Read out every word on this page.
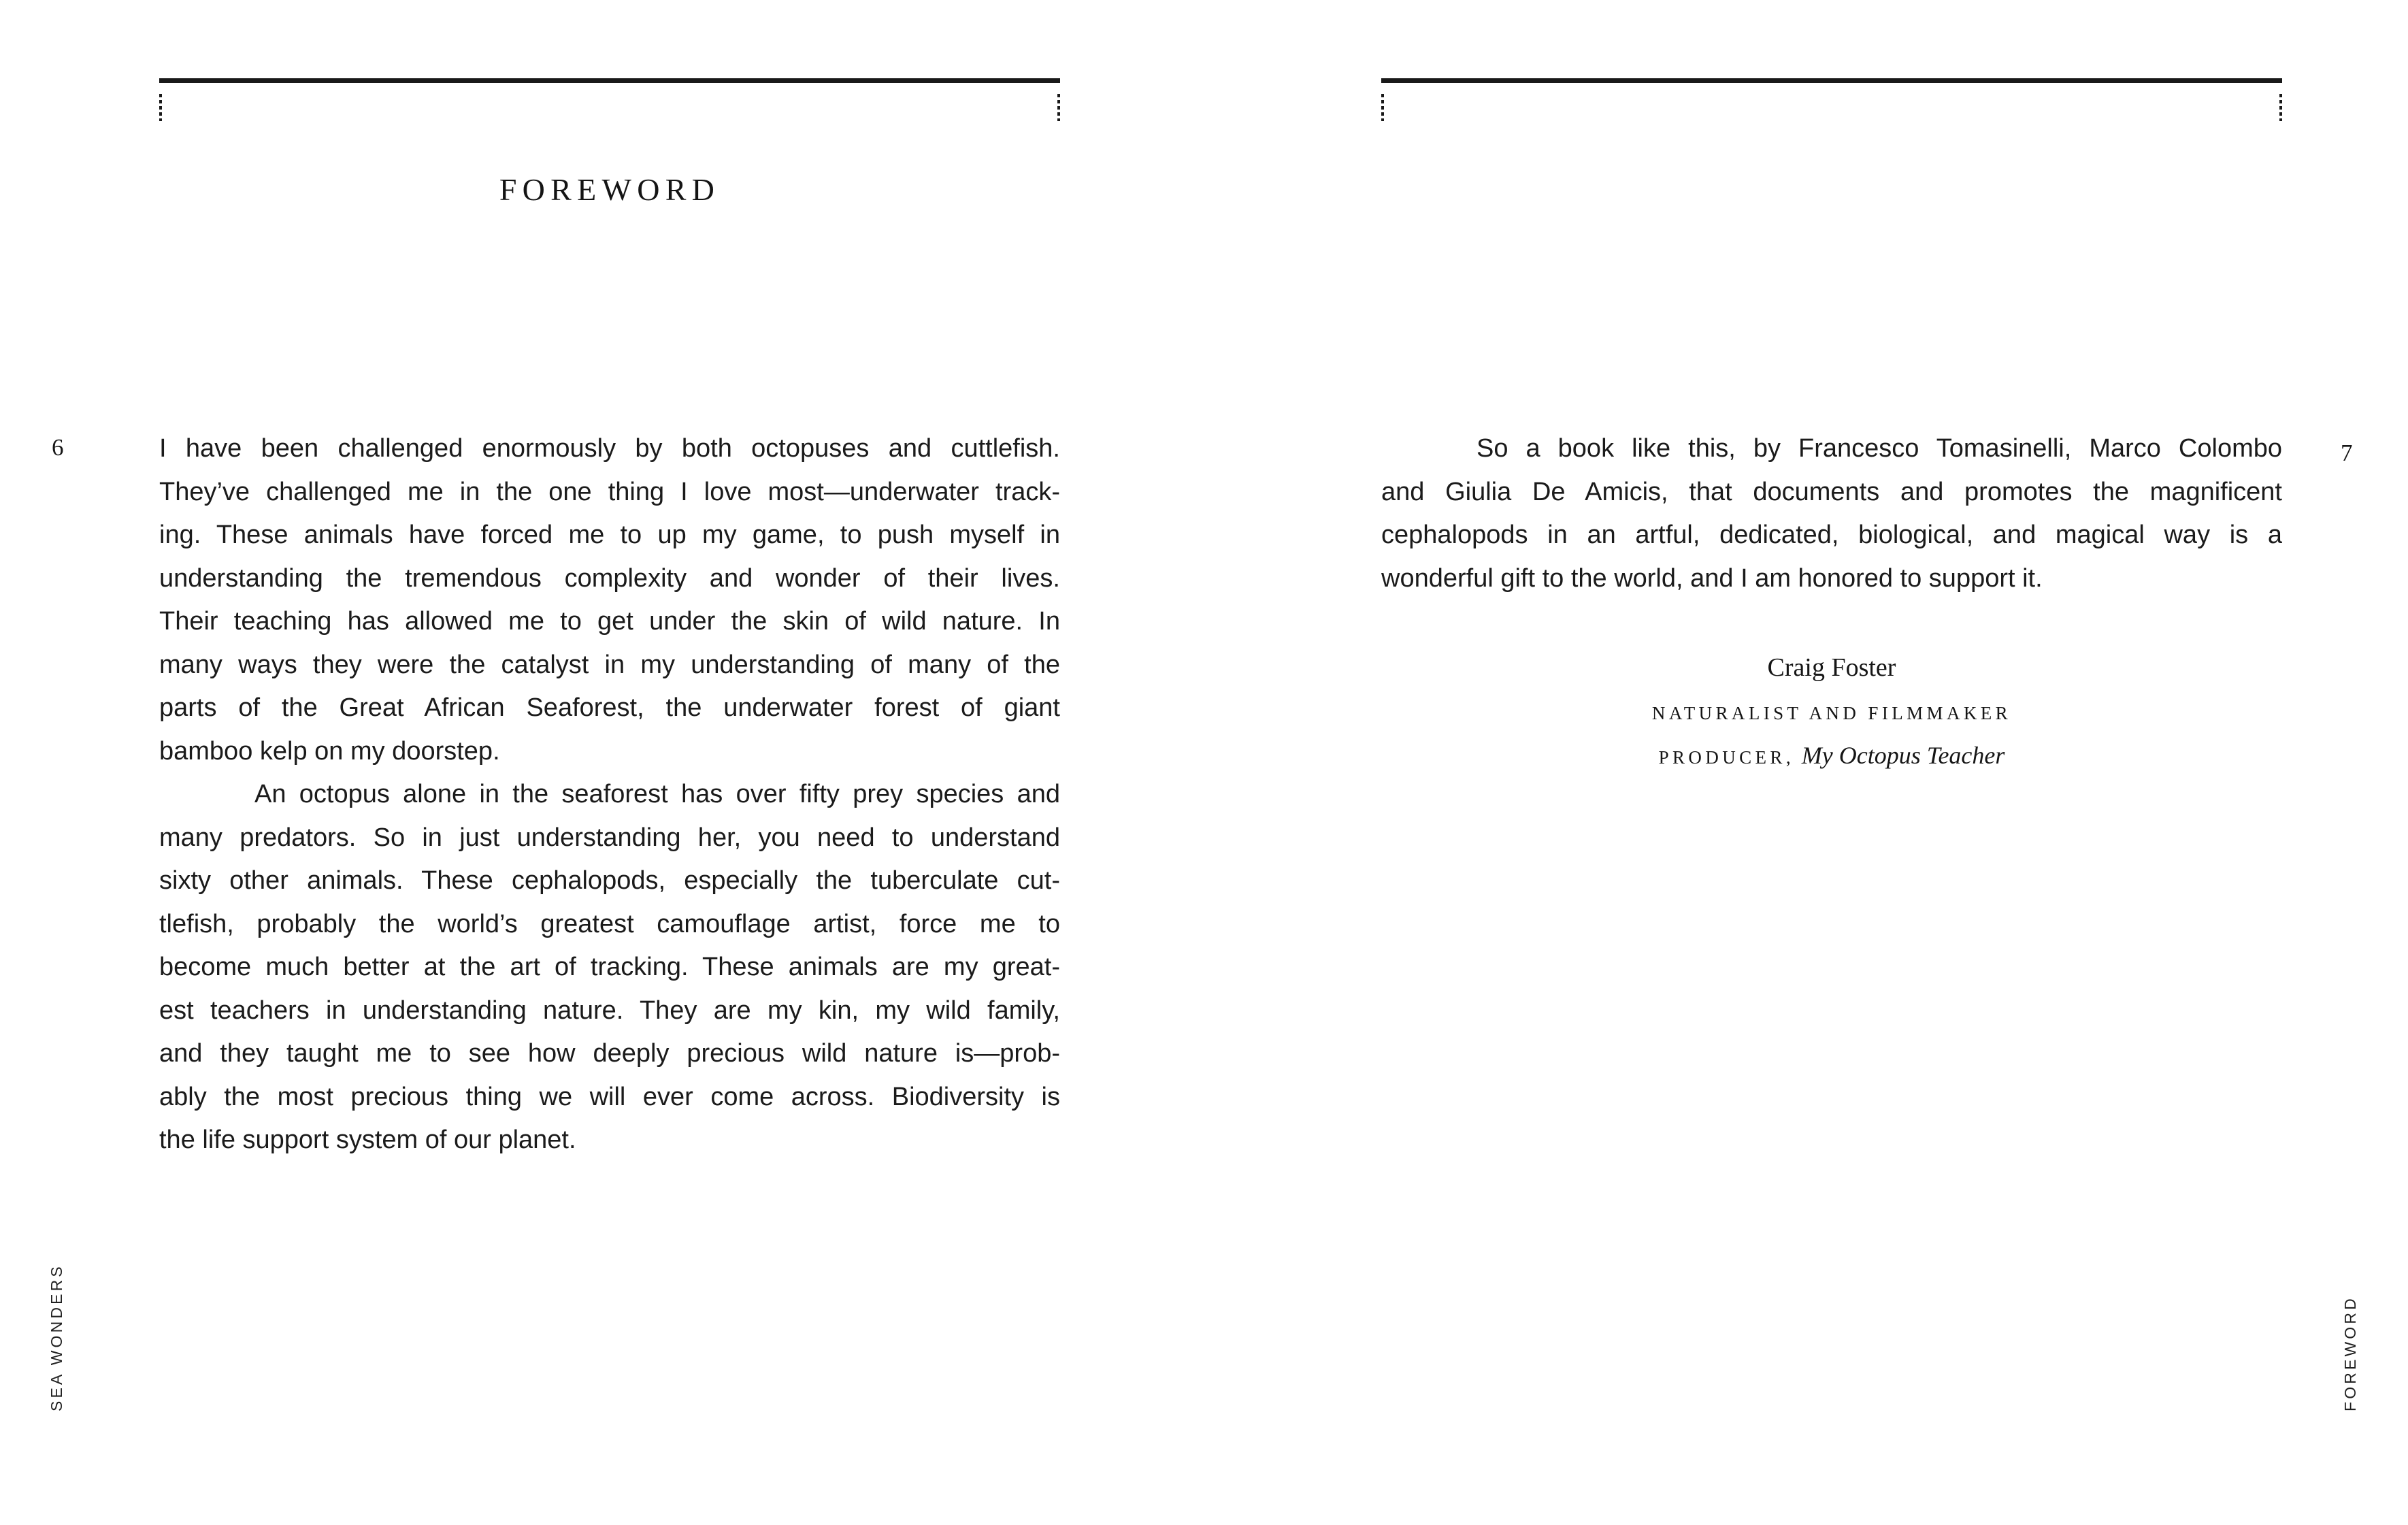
FOREWORD
I have been challenged enormously by both octopuses and cuttlefish.
They’ve challenged me in the one thing I love most—underwater track-
ing. These animals have forced me to up my game, to push myself in
understanding the tremendous complexity and wonder of their lives.
Their teaching has allowed me to get under the skin of wild nature. In
many ways they were the catalyst in my understanding of many of the
parts of the Great African Seaforest, the underwater forest of giant
bamboo kelp on my doorstep.
An octopus alone in the seaforest has over fifty prey species and
many predators. So in just understanding her, you need to understand
sixty other animals. These cephalopods, especially the tuberculate cut-
tlefish, probably the world’s greatest camouflage artist, force me to
become much better at the art of tracking. These animals are my great-
est teachers in understanding nature. They are my kin, my wild family,
and they taught me to see how deeply precious wild nature is—prob-
ably the most precious thing we will ever come across. Biodiversity is
the life support system of our planet.
6
SEA WONDERS
So a book like this, by Francesco Tomasinelli, Marco Colombo
and Giulia De Amicis, that documents and promotes the magnificent
cephalopods in an artful, dedicated, biological, and magical way is a
wonderful gift to the world, and I am honored to support it.
Craig Foster
NATURALIST AND FILMMAKER
PRODUCER, My Octopus Teacher
7
FOREWORD
